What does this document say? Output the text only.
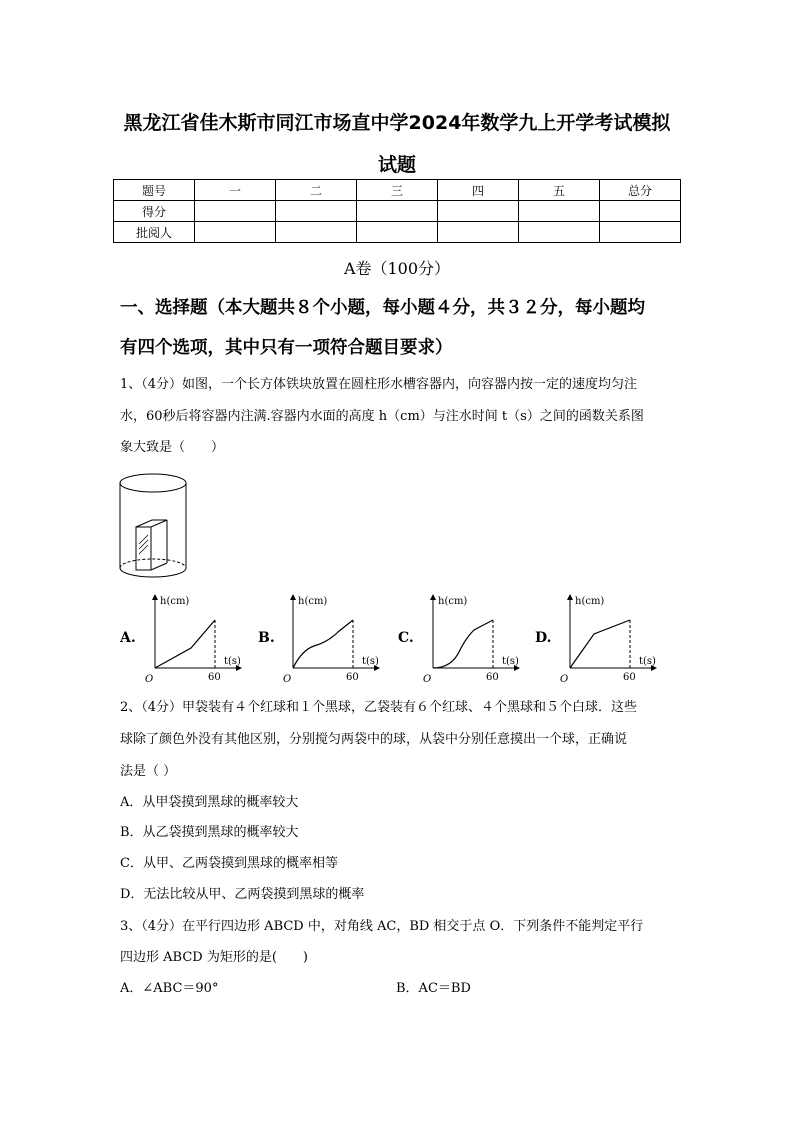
黑龙江省佳木斯市同江市场直中学2024年数学九上开学考试模拟
试题
题号	一	二	三	四	五	总分
得分						
批阅人						
A卷（100分）
一、选择题（本大题共８个小题，每小题４分，共３２分，每小题均
有四个选项，其中只有一项符合题目要求）
1、（4分）如图，一个长方体铁块放置在圆柱形水槽容器内，向容器内按一定的速度均匀注
水，60秒后将容器内注满.容器内水面的高度 h（cm）与注水时间 t（s）之间的函数关系图
象大致是（　　）
A.
h(cm)
t(s)
60
O
B.
h(cm)
t(s)
60
O
C.
h(cm)
t(s)
60
O
D.
h(cm)
t(s)
60
O
2、（4分）甲袋装有４个红球和１个黑球，乙袋装有６个红球、４个黑球和５个白球．这些
球除了颜色外没有其他区别，分别搅匀两袋中的球，从袋中分别任意摸出一个球，正确说
法是（ ）
A．从甲袋摸到黑球的概率较大
B．从乙袋摸到黑球的概率较大
C．从甲、乙两袋摸到黑球的概率相等
D．无法比较从甲、乙两袋摸到黑球的概率
3、（4分）在平行四边形 ABCD 中，对角线 AC，BD 相交于点 O．下列条件不能判定平行
四边形 ABCD 为矩形的是(　　)
A．∠ABC＝90°	B．AC＝BD
